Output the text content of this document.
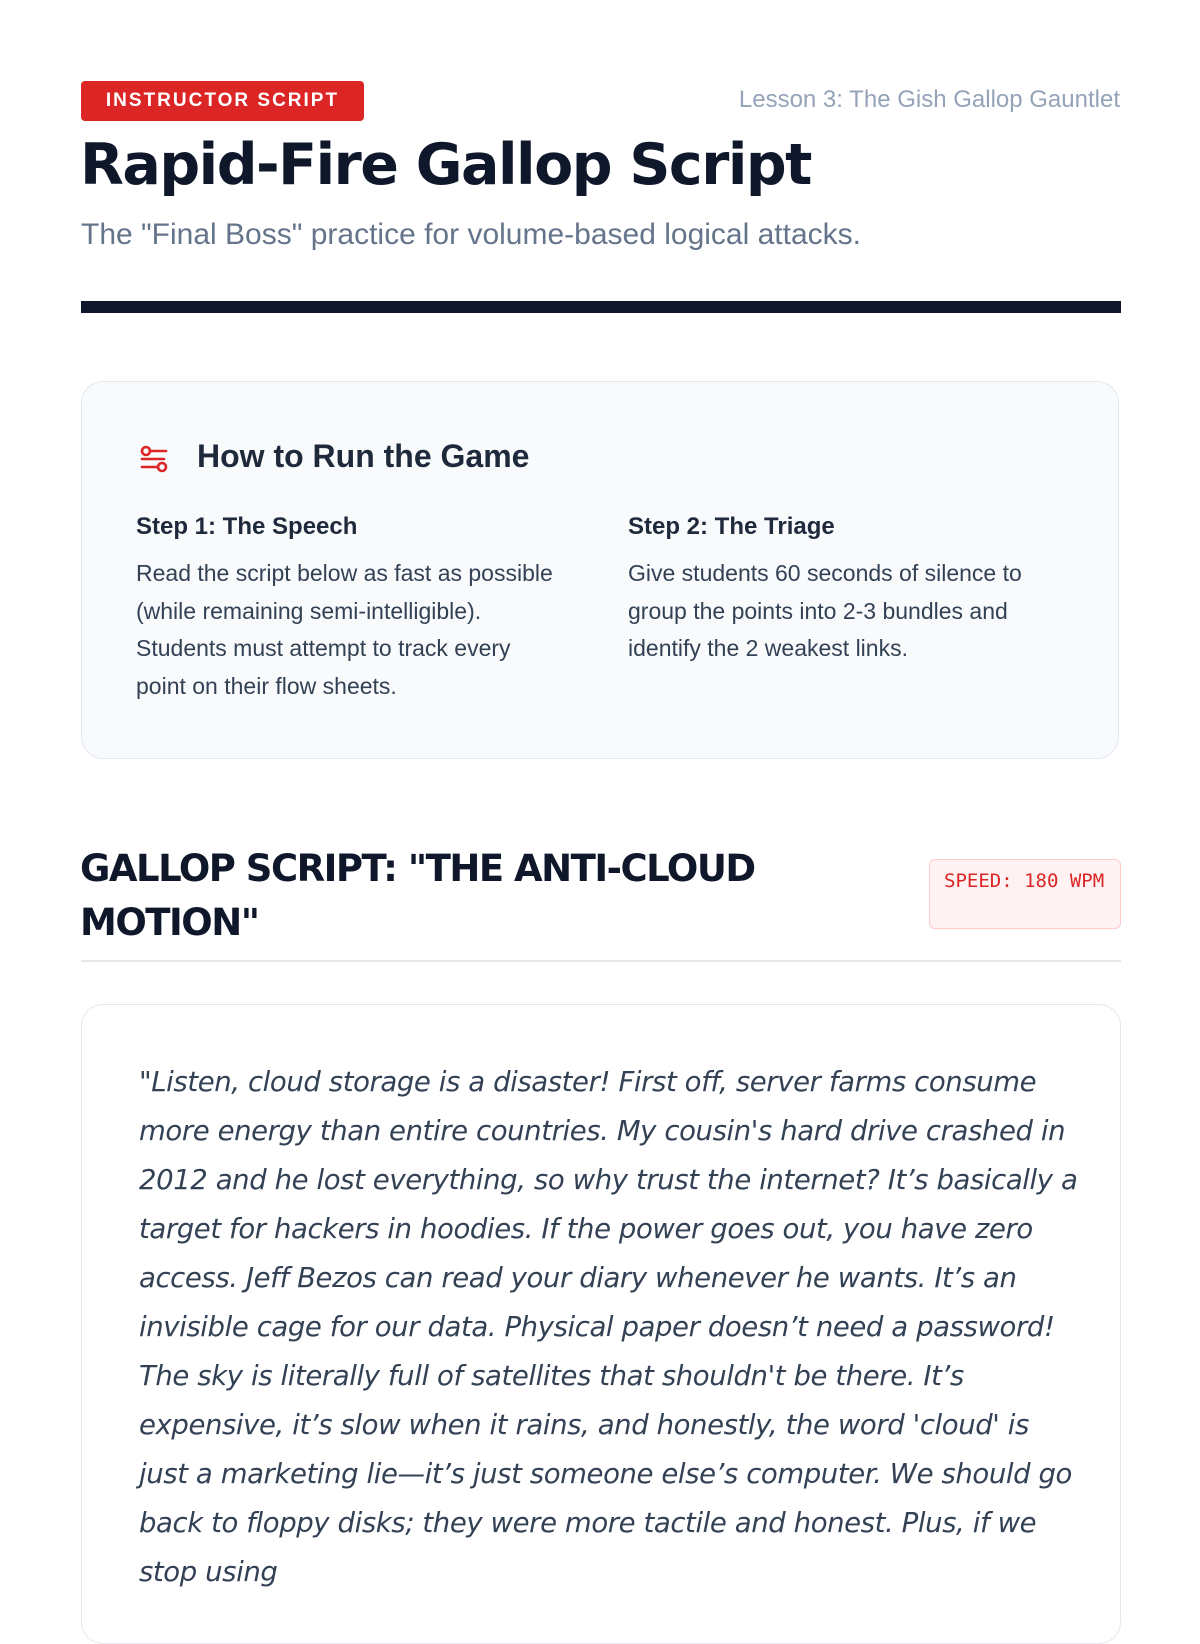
INSTRUCTOR SCRIPT	Lesson 3: The Gish Gallop Gauntlet
Rapid-Fire Gallop Script
The "Final Boss" practice for volume-based logical attacks.
How to Run the Game
Step 1: The Speech

Read the script below as fast as possible (while remaining semi-intelligible). Students must attempt to track every point on their flow sheets.

Step 2: The Triage

Give students 60 seconds of silence to group the points into 2-3 bundles and identify the 2 weakest links.

GALLOP SCRIPT: "THE ANTI-CLOUD MOTION"
SPEED: 180 WPM

"Listen, cloud storage is a disaster! First off, server farms consume more energy than entire countries. My cousin's hard drive crashed in 2012 and he lost everything, so why trust the internet? It’s basically a target for hackers in hoodies. If the power goes out, you have zero access. Jeff Bezos can read your diary whenever he wants. It’s an invisible cage for our data. Physical paper doesn’t need a password! The sky is literally full of satellites that shouldn't be there. It’s expensive, it’s slow when it rains, and honestly, the word 'cloud' is just a marketing lie—it’s just someone else’s computer. We should go back to floppy disks; they were more tactile and honest. Plus, if we stop using
